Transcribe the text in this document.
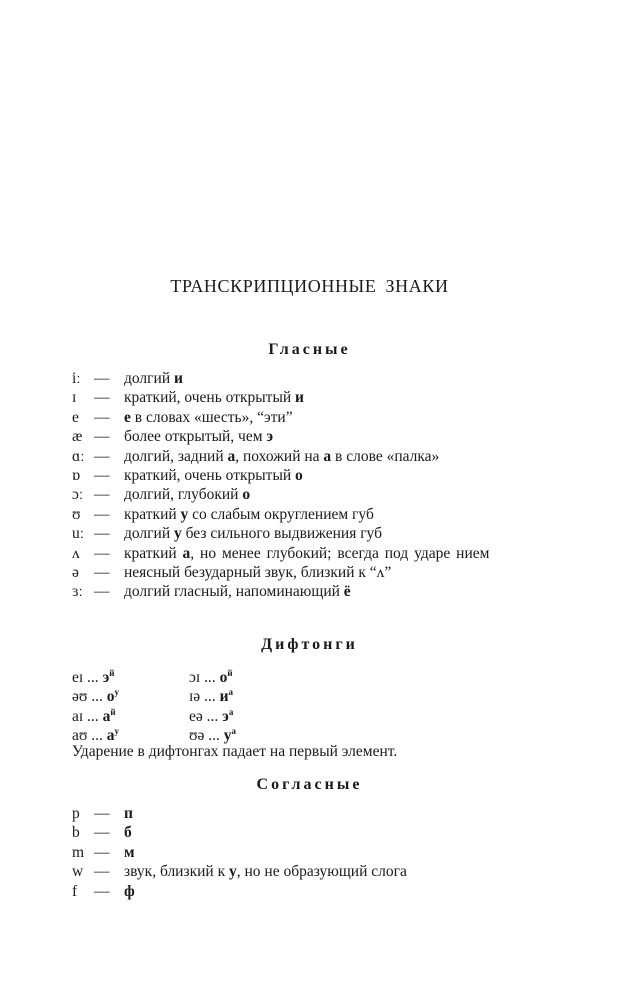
ТРАНСКРИПЦИОННЫЕ ЗНАКИ
Гласные
iː — долгий и
ɪ	— краткий, очень открытый и
e — е в словах «шесть», “эти”
æ — более открытый, чем э
ɑː — долгий, задний а, похожий на а в слове «палка»
ɒ — краткий, очень открытый о
ɔː — долгий, глубокий о
ʊ — краткий у со слабым округлением губ
uː — долгий у без сильного выдвижения губ
ʌ — краткий а, но менее глубокий; всегда под ударе нием
ə — неясный безударный звук, близкий к “ʌ”
ɜː — долгий гласный, напоминающий ё
Дифтонги
eɪ ... $э^й$	ɔɪ ... $о^й$
əʊ ... $о^у$	ɪə ... $и^а$
aɪ ... $а^й$	eə ... $э^а$
aʊ ... $а^у$	ʊə ... $у^а$
Ударение в дифтонгах падает на первый элемент.
Согласные
p — п
b — б
m — м
w — звук, близкий к у, но не образующий слога
f	— ф
